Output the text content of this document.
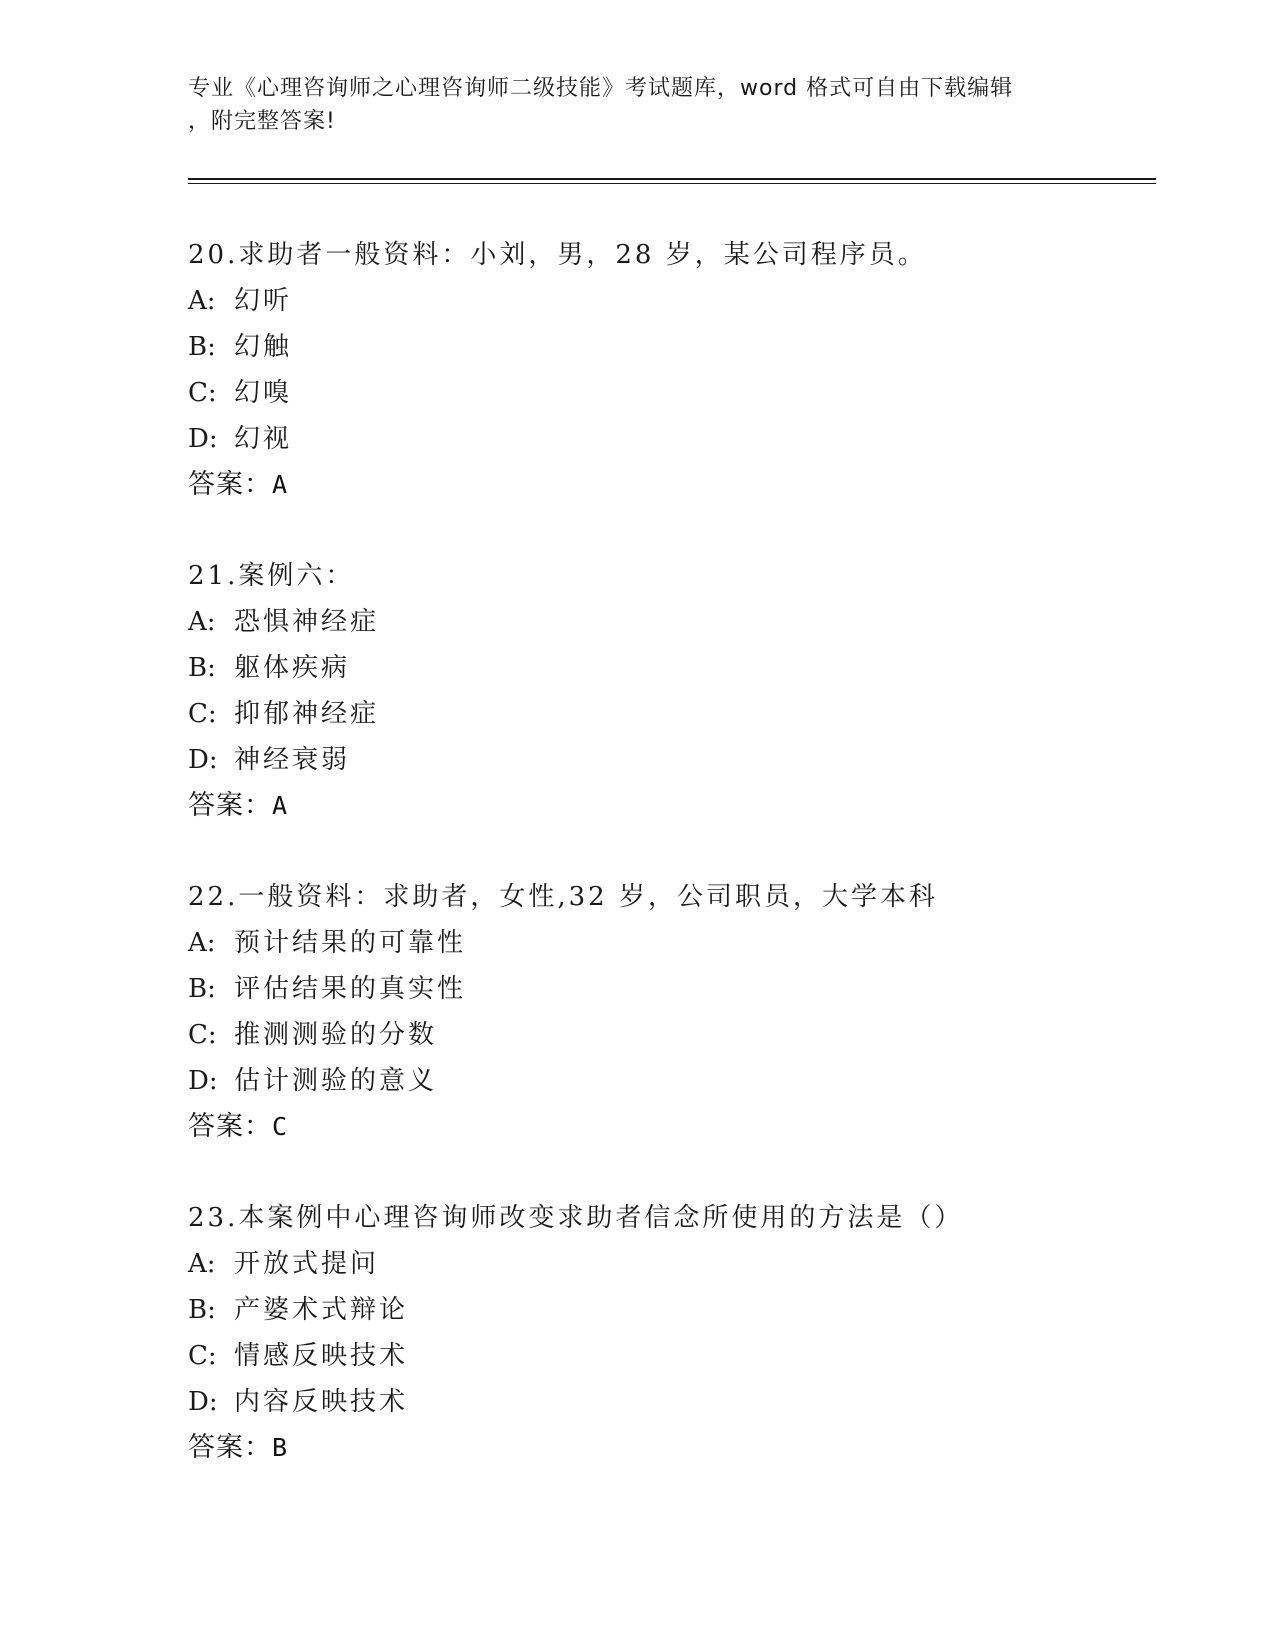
专业《心理咨询师之心理咨询师二级技能》考试题库，word 格式可自由下载编辑
，附完整答案!
20.求助者一般资料：小刘，男，28 岁，某公司程序员。
A: 幻听
B: 幻触
C: 幻嗅
D: 幻视
答案：A
21.案例六：
A: 恐惧神经症
B: 躯体疾病
C: 抑郁神经症
D: 神经衰弱
答案：A
22.一般资料：求助者，女性,32 岁，公司职员，大学本科
A: 预计结果的可靠性
B: 评估结果的真实性
C: 推测测验的分数
D: 估计测验的意义
答案：C
23.本案例中心理咨询师改变求助者信念所使用的方法是（）
A: 开放式提问
B: 产婆术式辩论
C: 情感反映技术
D: 内容反映技术
答案：B
